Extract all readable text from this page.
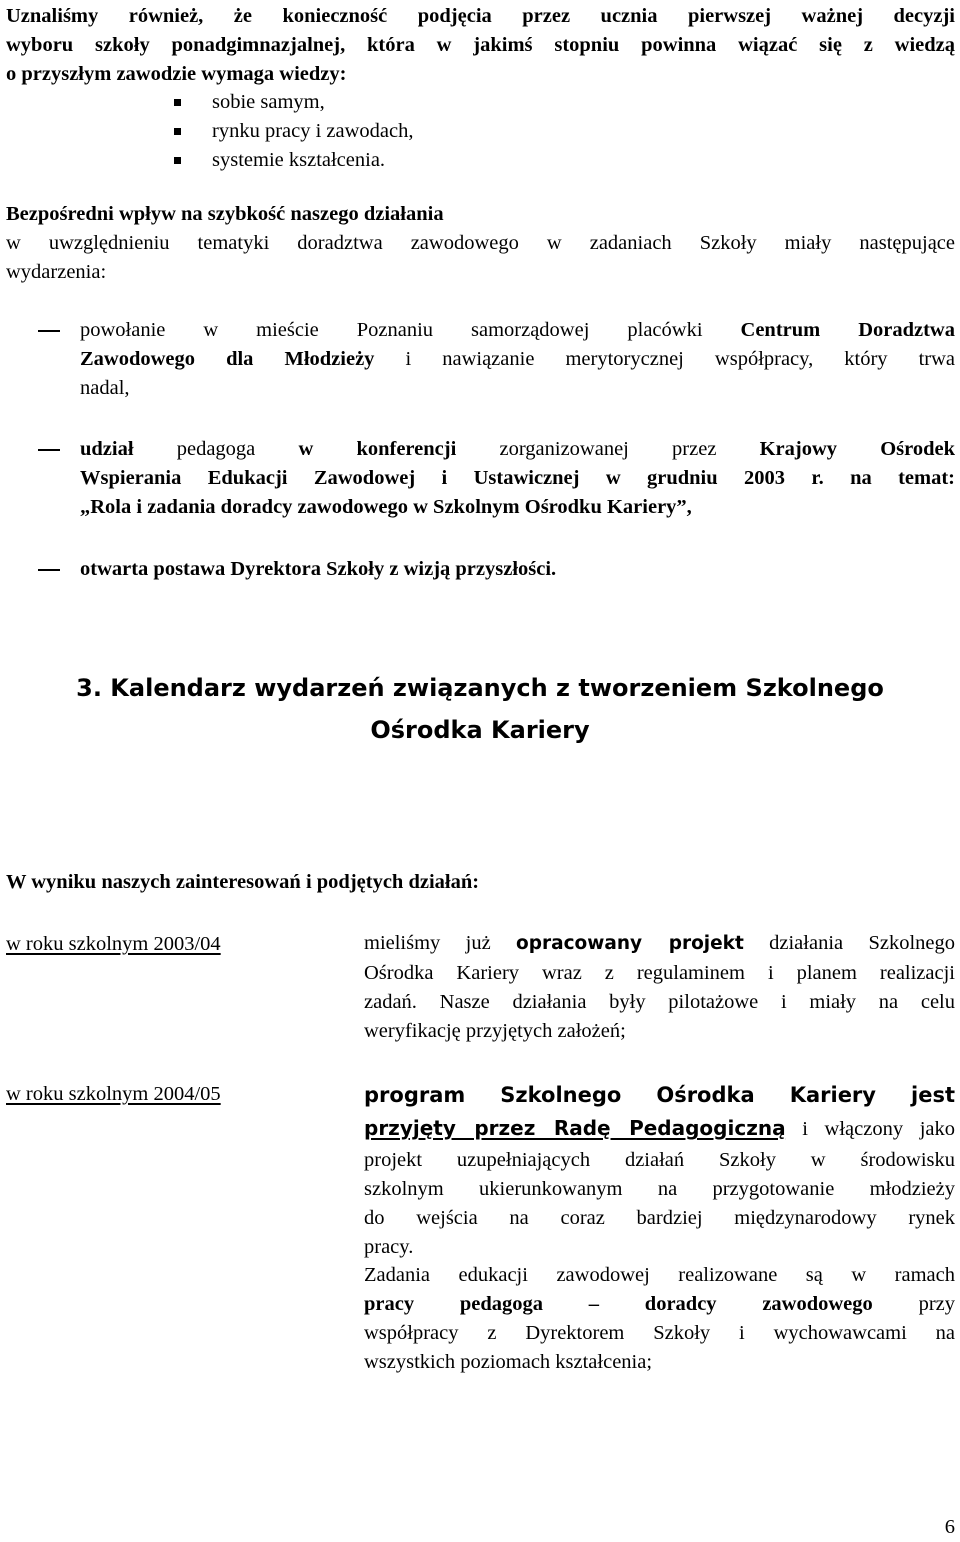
Uznaliśmy również, że konieczność podjęcia przez ucznia pierwszej ważnej decyzji
wyboru szkoły ponadgimnazjalnej, która w jakimś stopniu powinna wiązać się z wiedzą
o przyszłym zawodzie wymaga wiedzy:
sobie samym,
rynku pracy i zawodach,
systemie kształcenia.
Bezpośredni wpływ na szybkość naszego działania
w uwzględnieniu tematyki doradztwa zawodowego w zadaniach Szkoły miały następujące
wydarzenia:
powołanie w mieście Poznaniu samorządowej placówki Centrum Doradztwa
Zawodowego dla Młodzieży i nawiązanie merytorycznej współpracy, który trwa
nadal,
udział pedagoga w konferencji zorganizowanej przez Krajowy Ośrodek
Wspierania Edukacji Zawodowej i Ustawicznej w grudniu 2003 r. na temat:
„Rola i zadania doradcy zawodowego w Szkolnym Ośrodku Kariery”,
otwarta postawa Dyrektora Szkoły z wizją przyszłości.
3. Kalendarz wydarzeń związanych z tworzeniem Szkolnego
Ośrodka Kariery
W wyniku naszych zainteresowań i podjętych działań:
w roku szkolnym 2003/04	mieliśmy już opracowany projekt działania Szkolnego
Ośrodka Kariery wraz z regulaminem i planem realizacji
zadań. Nasze działania były pilotażowe i miały na celu
weryfikację przyjętych założeń;
w roku szkolnym 2004/05	program Szkolnego Ośrodka Kariery jest
przyjęty przez Radę Pedagogiczną i włączony jako
projekt uzupełniających działań Szkoły w środowisku
szkolnym ukierunkowanym na przygotowanie młodzieży
do wejścia na coraz bardziej międzynarodowy rynek
pracy.
Zadania edukacji zawodowej realizowane są w ramach
pracy pedagoga – doradcy zawodowego przy
współpracy z Dyrektorem Szkoły i wychowawcami na
wszystkich poziomach kształcenia;
6
